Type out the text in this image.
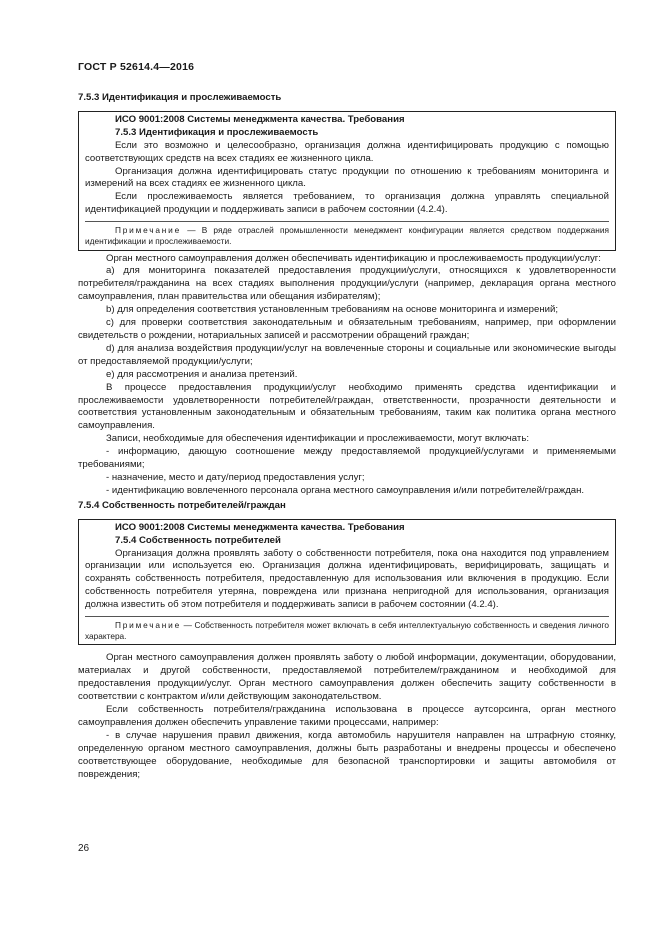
ГОСТ Р 52614.4—2016

7.5.3 Идентификация и прослеживаемость

ИСО 9001:2008 Системы менеджмента качества. Требования

7.5.3 Идентификация и прослеживаемость

Если это возможно и целесообразно, организация должна идентифицировать продукцию с помощью соответствующих средств на всех стадиях ее жизненного цикла.

Организация должна идентифицировать статус продукции по отношению к требованиям мониторинга и измерений на всех стадиях ее жизненного цикла.

Если прослеживаемость является требованием, то организация должна управлять специальной идентификацией продукции и поддерживать записи в рабочем состоянии (4.2.4).

Примечание — В ряде отраслей промышленности менеджмент конфигурации является средством поддержания идентификации и прослеживаемости.

Орган местного самоуправления должен обеспечивать идентификацию и прослеживаемость продукции/услуг:

a) для мониторинга показателей предоставления продукции/услуги, относящихся к удовлетворенности потребителя/гражданина на всех стадиях выполнения продукции/услуги (например, декларация органа местного самоуправления, план правительства или обещания избирателям);

b) для определения соответствия установленным требованиям на основе мониторинга и измерений;

c) для проверки соответствия законодательным и обязательным требованиям, например, при оформлении свидетельств о рождении, нотариальных записей и рассмотрении обращений граждан;

d) для анализа воздействия продукции/услуг на вовлеченные стороны и социальные или экономические выгоды от предоставляемой продукции/услуги;

e) для рассмотрения и анализа претензий.

В процессе предоставления продукции/услуг необходимо применять средства идентификации и прослеживаемости удовлетворенности потребителей/граждан, ответственности, прозрачности деятельности и соответствия установленным законодательным и обязательным требованиям, таким как политика органа местного самоуправления.

Записи, необходимые для обеспечения идентификации и прослеживаемости, могут включать:

- информацию, дающую соотношение между предоставляемой продукцией/услугами и применяемыми требованиями;

- назначение, место и дату/период предоставления услуг;

- идентификацию вовлеченного персонала органа местного самоуправления и/или потребителей/граждан.

7.5.4 Собственность потребителей/граждан

ИСО 9001:2008 Системы менеджмента качества. Требования

7.5.4 Собственность потребителей

Организация должна проявлять заботу о собственности потребителя, пока она находится под управлением организации или используется ею. Организация должна идентифицировать, верифицировать, защищать и сохранять собственность потребителя, предоставленную для использования или включения в продукцию. Если собственность потребителя утеряна, повреждена или признана непригодной для использования, организация должна известить об этом потребителя и поддерживать записи в рабочем состоянии (4.2.4).

Примечание — Собственность потребителя может включать в себя интеллектуальную собственность и сведения личного характера.

Орган местного самоуправления должен проявлять заботу о любой информации, документации, оборудовании, материалах и другой собственности, предоставляемой потребителем/гражданином и необходимой для предоставления продукции/услуг. Орган местного самоуправления должен обеспечить защиту собственности в соответствии с контрактом и/или действующим законодательством.

Если собственность потребителя/гражданина использована в процессе аутсорсинга, орган местного самоуправления должен обеспечить управление такими процессами, например:

- в случае нарушения правил движения, когда автомобиль нарушителя направлен на штрафную стоянку, определенную органом местного самоуправления, должны быть разработаны и внедрены процессы и обеспечено соответствующее оборудование, необходимые для безопасной транспортировки и защиты автомобиля от повреждения;

26
